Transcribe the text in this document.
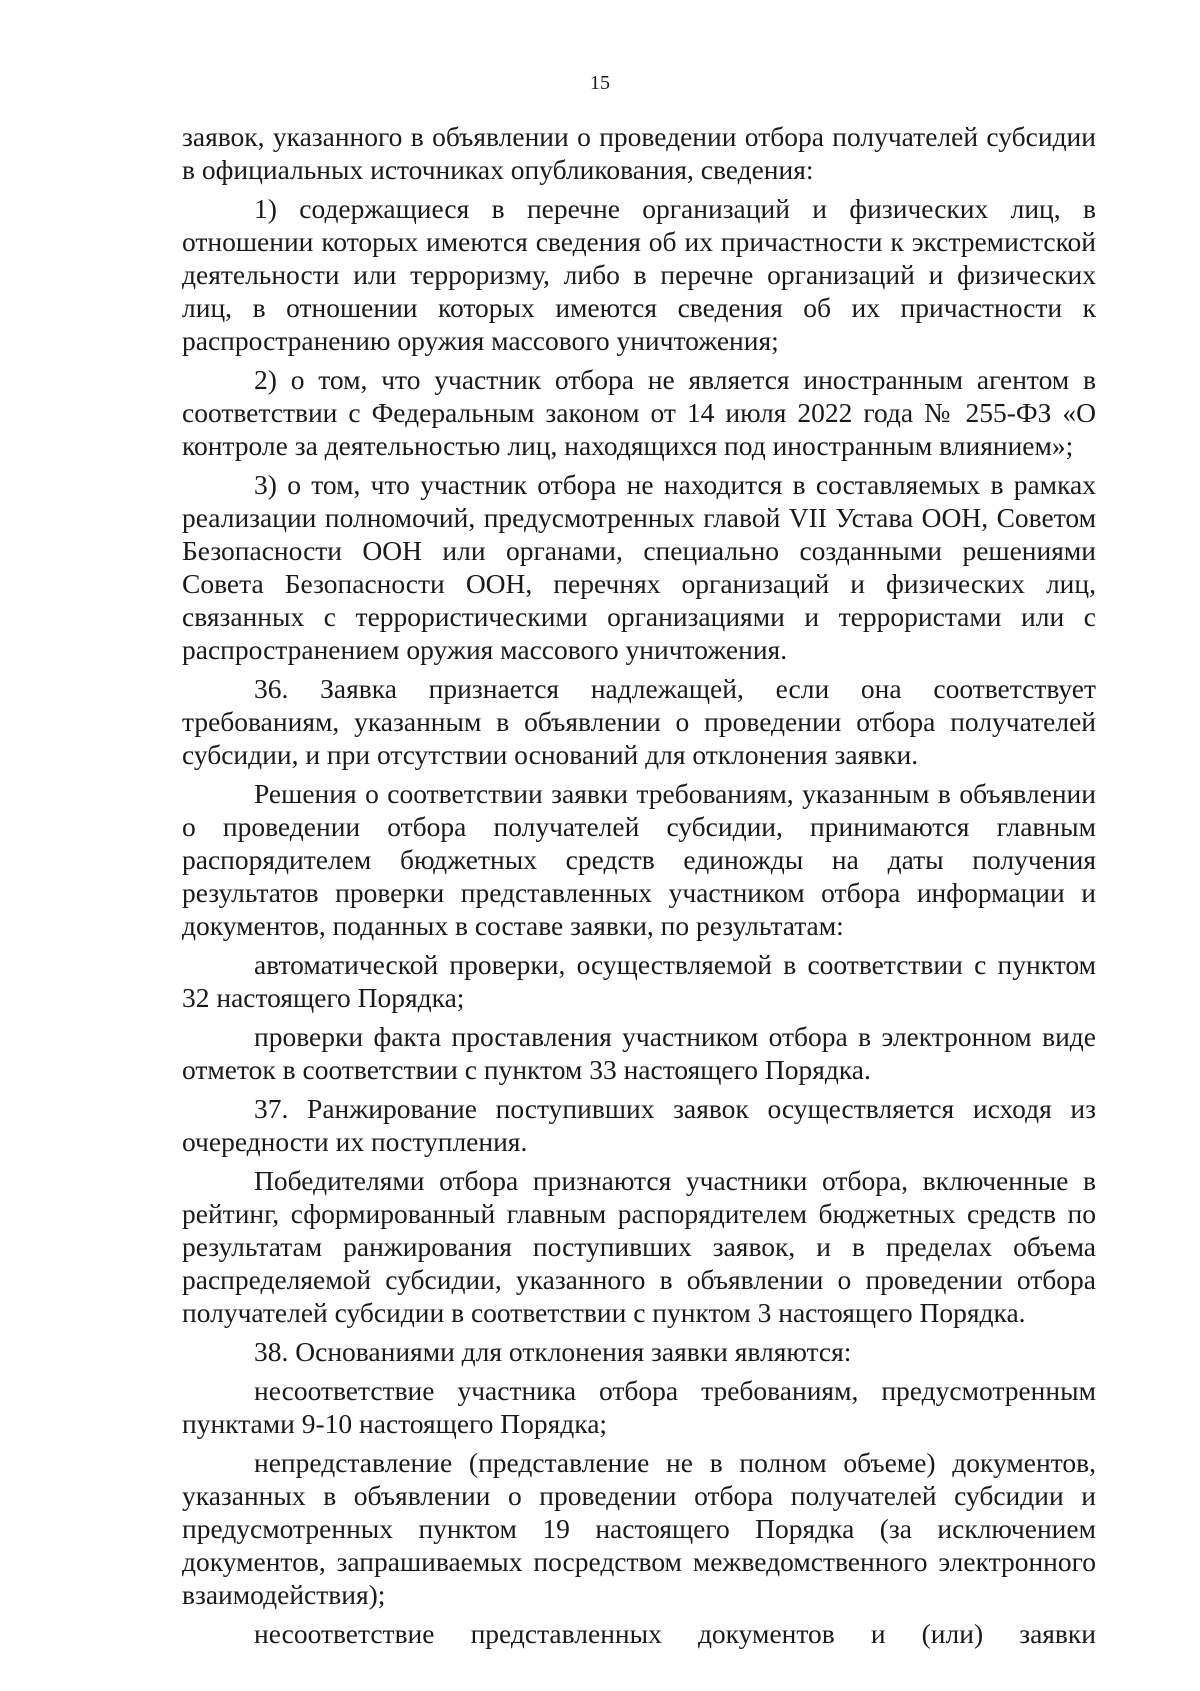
15

заявок, указанного в объявлении о проведении отбора получателей субсидии в официальных источниках опубликования, сведения:

1) содержащиеся в перечне организаций и физических лиц, в отношении которых имеются сведения об их причастности к экстремистской деятельности или терроризму, либо в перечне организаций и физических лиц, в отношении которых имеются сведения об их причастности к распространению оружия массового уничтожения;

2) о том, что участник отбора не является иностранным агентом в соответствии с Федеральным законом от 14 июля 2022 года № 255-ФЗ «О контроле за деятельностью лиц, находящихся под иностранным влиянием»;

3) о том, что участник отбора не находится в составляемых в рамках реализации полномочий, предусмотренных главой VII Устава ООН, Советом Безопасности ООН или органами, специально созданными решениями Совета Безопасности ООН, перечнях организаций и физических лиц, связанных с террористическими организациями и террористами или с распространением оружия массового уничтожения.

36. Заявка признается надлежащей, если она соответствует требованиям, указанным в объявлении о проведении отбора получателей субсидии, и при отсутствии оснований для отклонения заявки.

Решения о соответствии заявки требованиям, указанным в объявлении о проведении отбора получателей субсидии, принимаются главным распорядителем бюджетных средств единожды на даты получения результатов проверки представленных участником отбора информации и документов, поданных в составе заявки, по результатам:

автоматической проверки, осуществляемой в соответствии с пунктом 32 настоящего Порядка;

проверки факта проставления участником отбора в электронном виде отметок в соответствии с пунктом 33 настоящего Порядка.

37. Ранжирование поступивших заявок осуществляется исходя из очередности их поступления.

Победителями отбора признаются участники отбора, включенные в рейтинг, сформированный главным распорядителем бюджетных средств по результатам ранжирования поступивших заявок, и в пределах объема распределяемой субсидии, указанного в объявлении о проведении отбора получателей субсидии в соответствии с пунктом 3 настоящего Порядка.

38. Основаниями для отклонения заявки являются:

несоответствие участника отбора требованиям, предусмотренным пунктами 9-10 настоящего Порядка;

непредставление (представление не в полном объеме) документов, указанных в объявлении о проведении отбора получателей субсидии и предусмотренных пунктом 19 настоящего Порядка (за исключением документов, запрашиваемых посредством межведомственного электронного взаимодействия);

несоответствие представленных документов и (или) заявки
